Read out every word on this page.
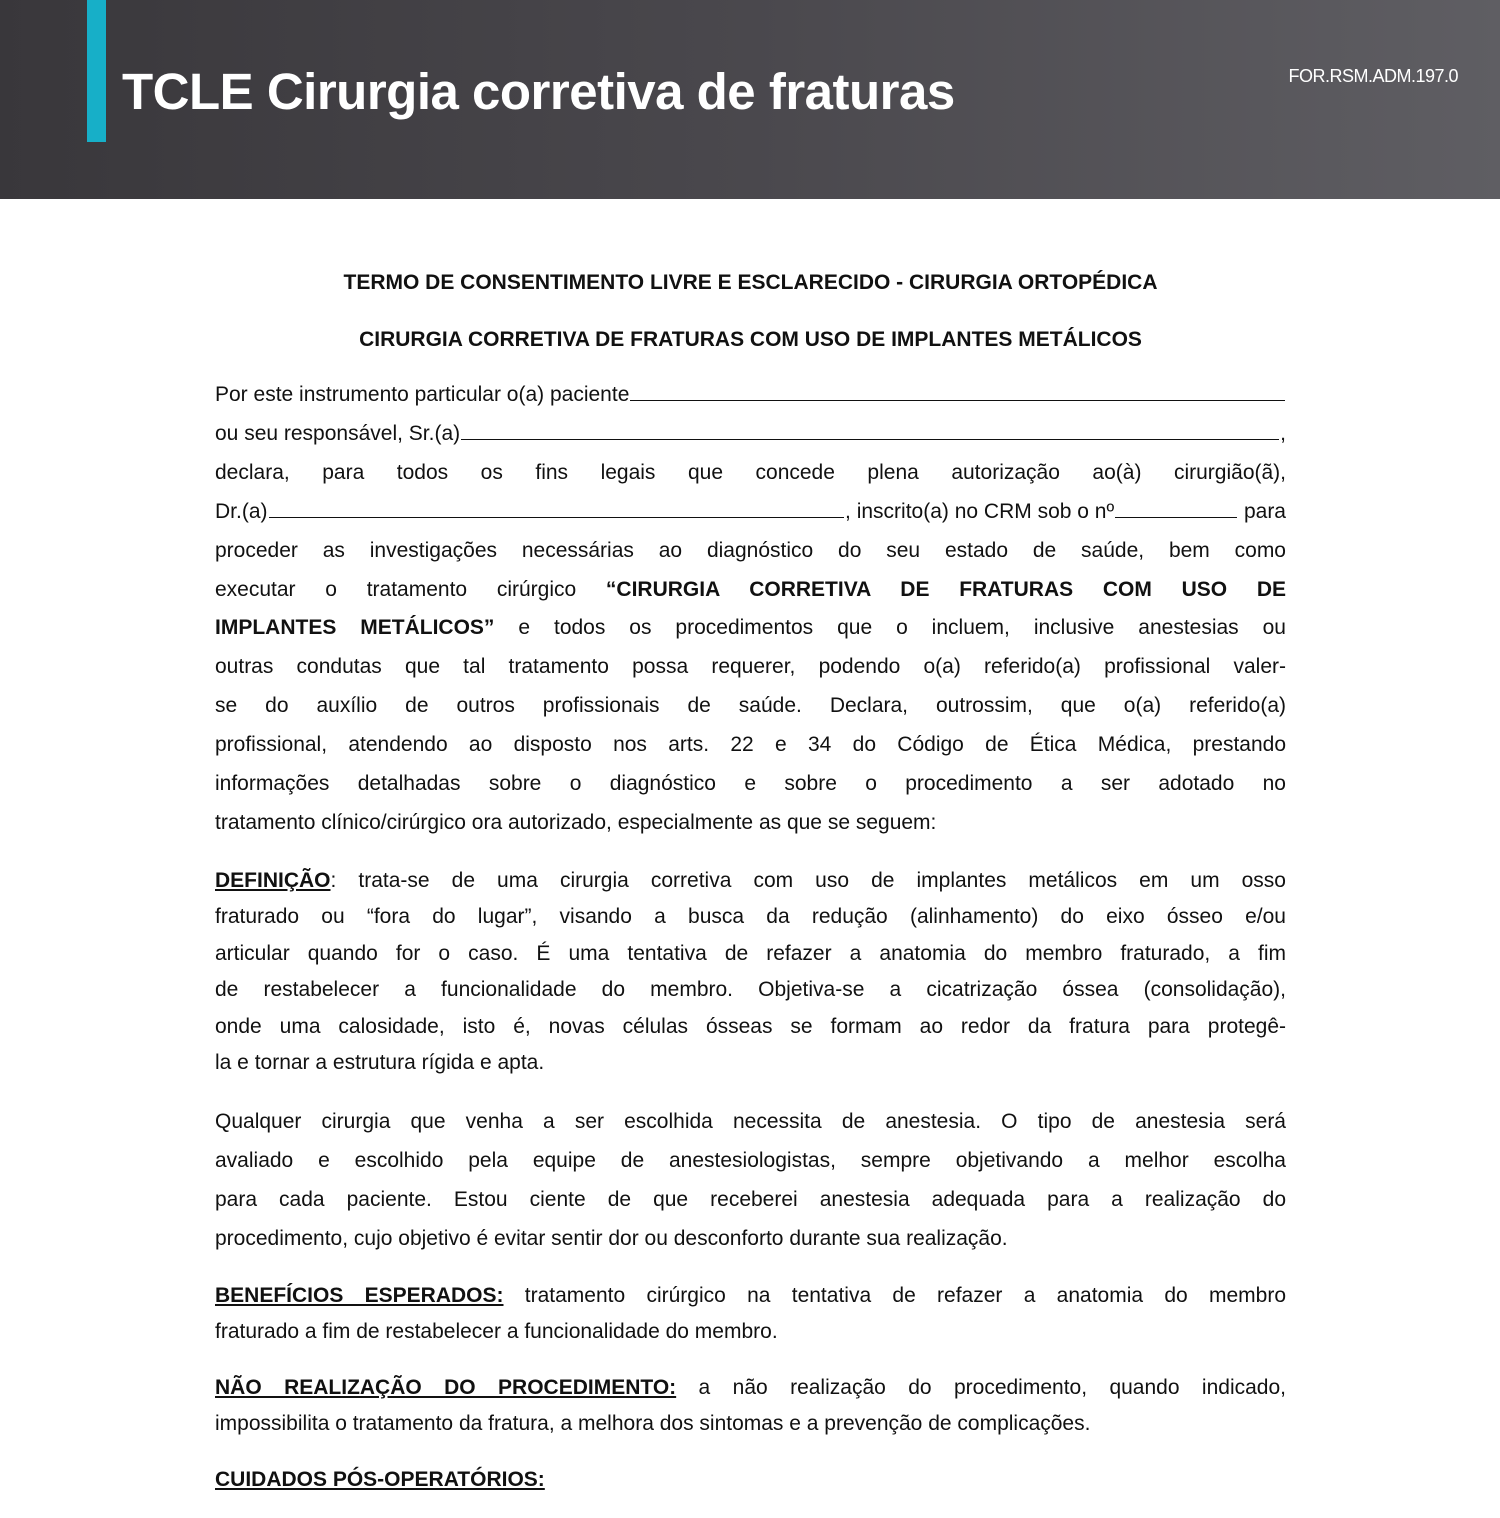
TCLE Cirurgia corretiva de fraturas	FOR.RSM.ADM.197.0
TERMO DE CONSENTIMENTO LIVRE E ESCLARECIDO - CIRURGIA ORTOPÉDICA
CIRURGIA CORRETIVA DE FRATURAS COM USO DE IMPLANTES METÁLICOS
Por este instrumento particular o(a) paciente
ou seu responsável, Sr.(a)	,
declara, para todos os fins legais que concede plena autorização ao(à) cirurgião(ã),
Dr.(a)	, inscrito(a) no CRM sob o nº	para
proceder as investigações necessárias ao diagnóstico do seu estado de saúde, bem como
executar o tratamento cirúrgico “CIRURGIA CORRETIVA DE FRATURAS COM USO DE
IMPLANTES METÁLICOS” e todos os procedimentos que o incluem, inclusive anestesias ou
outras condutas que tal tratamento possa requerer, podendo o(a) referido(a) profissional valer-
se do auxílio de outros profissionais de saúde. Declara, outrossim, que o(a) referido(a)
profissional, atendendo ao disposto nos arts. 22 e 34 do Código de Ética Médica, prestando
informações detalhadas sobre o diagnóstico e sobre o procedimento a ser adotado no
tratamento clínico/cirúrgico ora autorizado, especialmente as que se seguem:
DEFINIÇÃO: trata-se de uma cirurgia corretiva com uso de implantes metálicos em um osso
fraturado ou “fora do lugar”, visando a busca da redução (alinhamento) do eixo ósseo e/ou
articular quando for o caso. É uma tentativa de refazer a anatomia do membro fraturado, a fim
de restabelecer a funcionalidade do membro. Objetiva-se a cicatrização óssea (consolidação),
onde uma calosidade, isto é, novas células ósseas se formam ao redor da fratura para protegê-
la e tornar a estrutura rígida e apta.
Qualquer cirurgia que venha a ser escolhida necessita de anestesia. O tipo de anestesia será
avaliado e escolhido pela equipe de anestesiologistas, sempre objetivando a melhor escolha
para cada paciente. Estou ciente de que receberei anestesia adequada para a realização do
procedimento, cujo objetivo é evitar sentir dor ou desconforto durante sua realização.
BENEFÍCIOS ESPERADOS: tratamento cirúrgico na tentativa de refazer a anatomia do membro
fraturado a fim de restabelecer a funcionalidade do membro.
NÃO REALIZAÇÃO DO PROCEDIMENTO: a não realização do procedimento, quando indicado,
impossibilita o tratamento da fratura, a melhora dos sintomas e a prevenção de complicações.
CUIDADOS PÓS-OPERATÓRIOS:
